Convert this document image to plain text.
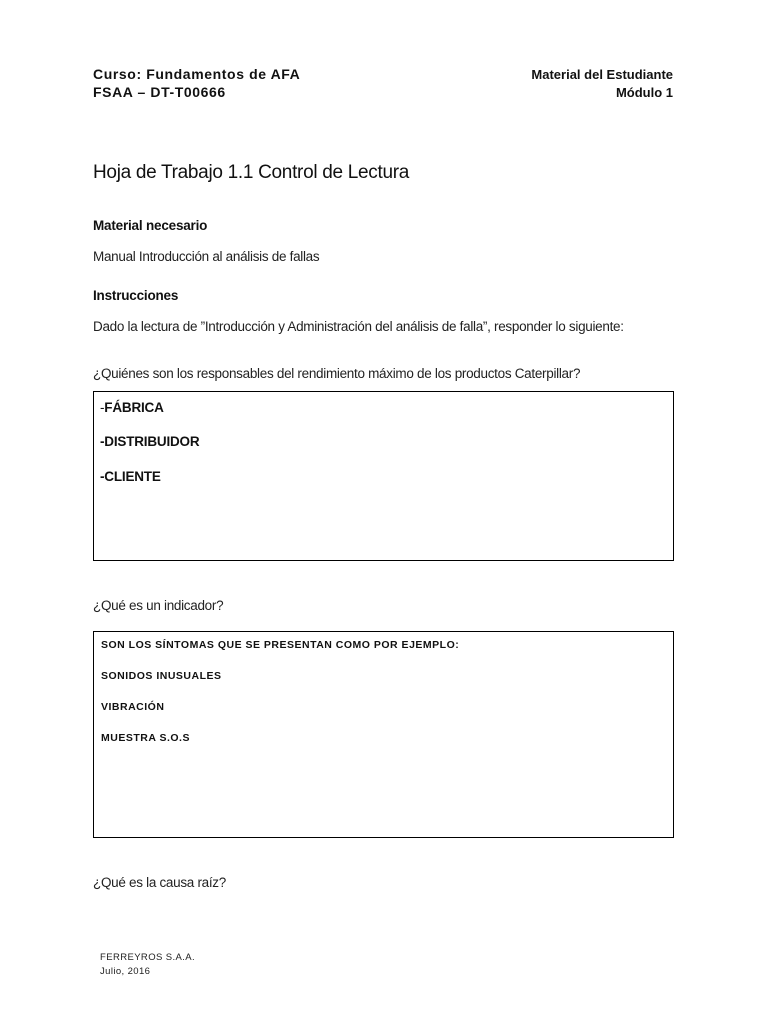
Curso: Fundamentos de AFA
FSAA – DT-T00666
Material del Estudiante
Módulo 1
Hoja de Trabajo 1.1 Control de Lectura
Material necesario
Manual Introducción al análisis de fallas
Instrucciones
Dado la lectura de ”Introducción y Administración del análisis de falla”, responder lo siguiente:
¿Quiénes son los responsables del rendimiento máximo de los productos Caterpillar?
-FÁBRICA
-DISTRIBUIDOR
-CLIENTE
¿Qué es un indicador?
SON LOS SÍNTOMAS QUE SE PRESENTAN COMO POR EJEMPLO:
SONIDOS INUSUALES
VIBRACIÓN
MUESTRA S.O.S
¿Qué es la causa raíz?
FERREYROS S.A.A.
Julio, 2016
